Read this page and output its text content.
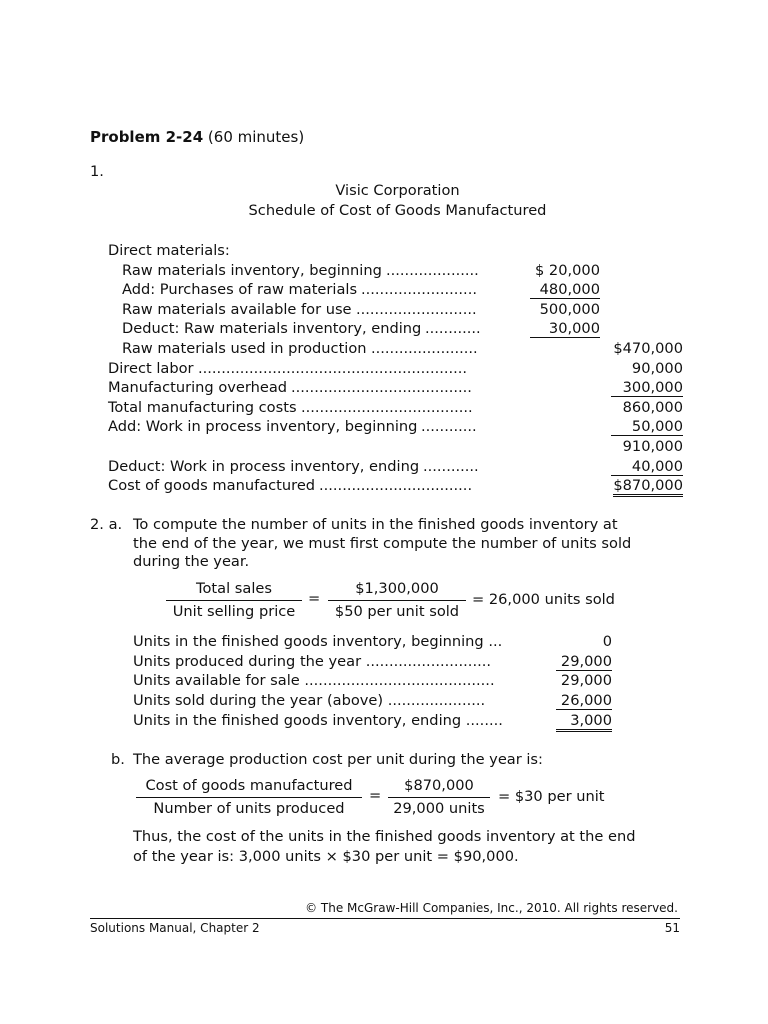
Problem 2-24 (60 minutes)
1.
Visic Corporation
Schedule of Cost of Goods Manufactured
Direct materials:
Raw materials inventory, beginning ....................	$ 20,000
Add: Purchases of raw materials .........................	480,000
Raw materials available for use ..........................	500,000
Deduct: Raw materials inventory, ending ............	30,000
Raw materials used in production .......................	$470,000
Direct labor ..........................................................	90,000
Manufacturing overhead .......................................	300,000
Total manufacturing costs .....................................	860,000
Add: Work in process inventory, beginning ............	50,000
910,000
Deduct: Work in process inventory, ending ............	40,000
Cost of goods manufactured .................................	$870,000
2. a. To compute the number of units in the finished goods inventory at
the end of the year, we must first compute the number of units sold
during the year.
Total sales
Unit selling price
=
$1,300,000
$50 per unit sold
= 26,000 units sold
Units in the finished goods inventory, beginning ...	0
Units produced during the year ...........................	29,000
Units available for sale .........................................	29,000
Units sold during the year (above) .....................	26,000
Units in the finished goods inventory, ending ........	3,000
b. The average production cost per unit during the year is:
Cost of goods manufactured
Number of units produced
=
$870,000
29,000 units
= $30 per unit
Thus, the cost of the units in the finished goods inventory at the end
of the year is: 3,000 units × $30 per unit = $90,000.
© The McGraw-Hill Companies, Inc., 2010. All rights reserved.
Solutions Manual, Chapter 2	51
